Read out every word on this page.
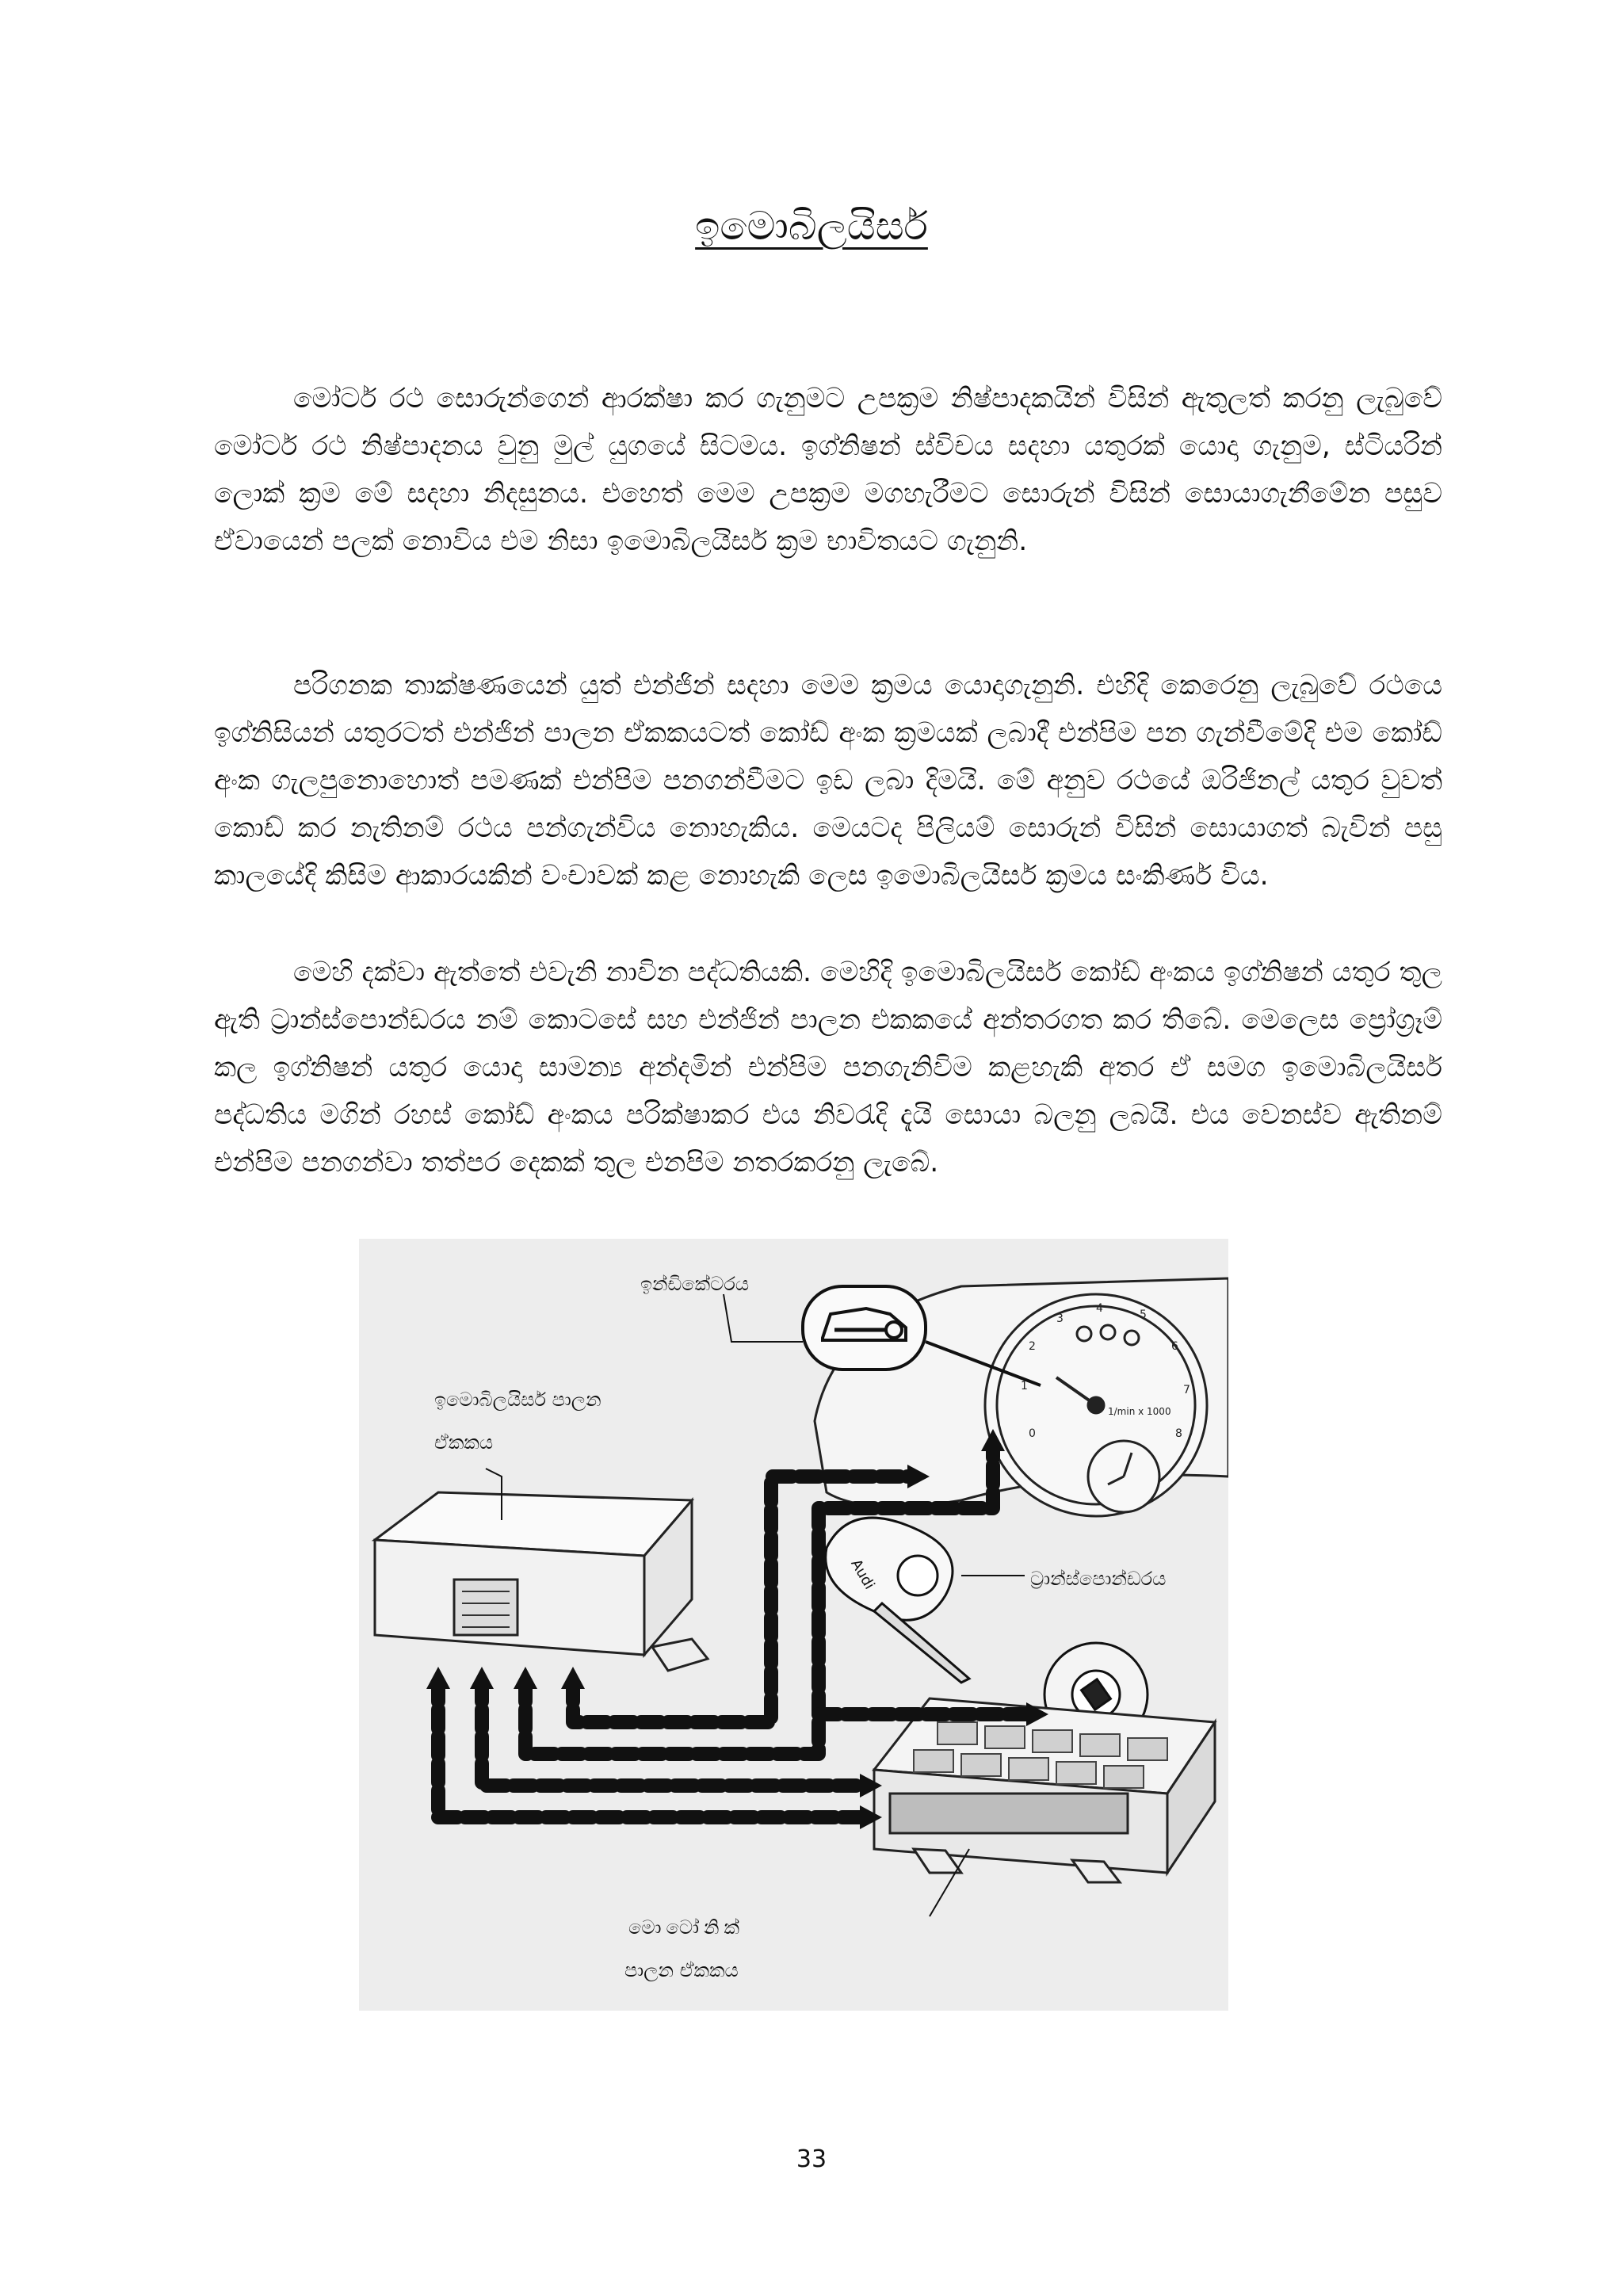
ඉමොබිලයිසර්

මෝටර් රථ සොරුන්ගෙන් ආරක්ෂා කර ගැනුමට උපක්‍රම නිෂ්පාදකයින් විසින් ඇතුලත් කරනු ලැබුවේ මෝටර් රථ නිෂ්පාදනය වුනු මුල් යුගයේ සිටමය. ඉග්නිෂන් ස්විචය සදහා යතුරක් යොදා ගැනුම, ස්ටියරින් ලොක් ක්‍රම මේ සදහා නිදසුනය. එහෙත් මෙම උපක්‍රම මගහැරීමට සොරුන් විසින් සොයාගැනීමේන පසුව ඒවායෙන් පලක් නොවිය එම නිසා ඉමොබිලයිසර් ක්‍රම භාවිතයට ගැනුනි.

පරිගනක තාක්ෂණයෙන් යුත් එන්ජින් සදහා මෙම ක්‍රමය යොදාගැනුනි. එහිදි කෙරෙනු ලැබුවේ රථයෙ ඉග්නිසියන් යතුරටත් එන්ජින් පාලන ඒකකයටත් කෝඩ් අංක ක්‍රමයක් ලබාදී එන්පිම පන ගැන්වීමේදි එම කෝඩ් අංක ගැලපුනොහොත් පමණක් එන්පිම පනගන්වීමට ඉඩ ලබා දිමයි. මේ අනුව රථයේ ඔරිජිනල් යතුර වුවත් කොඩ් කර නැතිනම් රථය පන්ගැන්විය නොහැකිය. මෙයටද පිලියම් සොරුන් විසින් සොයාගත් බැවින් පසු කාලයේදි කිසිම ආකාරයකින් වංචාවක් කළ නොහැකි ලෙස ඉමොබිලයිසර් ක්‍රමය සංකිර්ණ විය.

මෙහි දක්වා ඇත්තේ එවැනි නාවින පද්ධතියකි. මෙහිදි ඉමොබිලයිසර් කෝඩ් අංකය ඉග්නිෂන් යතුර තුල ඇති ට්‍රාන්ස්පොන්ඩරය නම් කොටසේ සහ එන්ජින් පාලන එකකයේ අන්තරගත කර තිබේ. මෙලෙස ප්‍රෝග්‍රෑම් කල ඉග්නිෂන් යතුර යොදා සාමන්‍ය අන්දමින් එන්පිම පනගැනිවිම කළහැකි අතර ඒ සමග ඉමොබිලයිසර් පද්ධතිය මගින් රහස් කෝඩ් අංකය පරික්ෂාකර එය නිවරැදි දැයි සොයා බලනු ලබයි. එය වෙනස්ව ඇතිනම් එන්පිම පනගන්වා තත්පර දෙකක් තුල එනපිම නතරකරනු ලැබේ.

1
2
3
4	5
6
7
8
0
1/min x 1000
Audi
ඉන්ඩිකේටරය
ඉමොබිලයිසර් පාලන
ඒකකය
ට්‍රාන්ස්පොන්ඩරය
මොටෝනික්
පාලන ඒකකය
33
